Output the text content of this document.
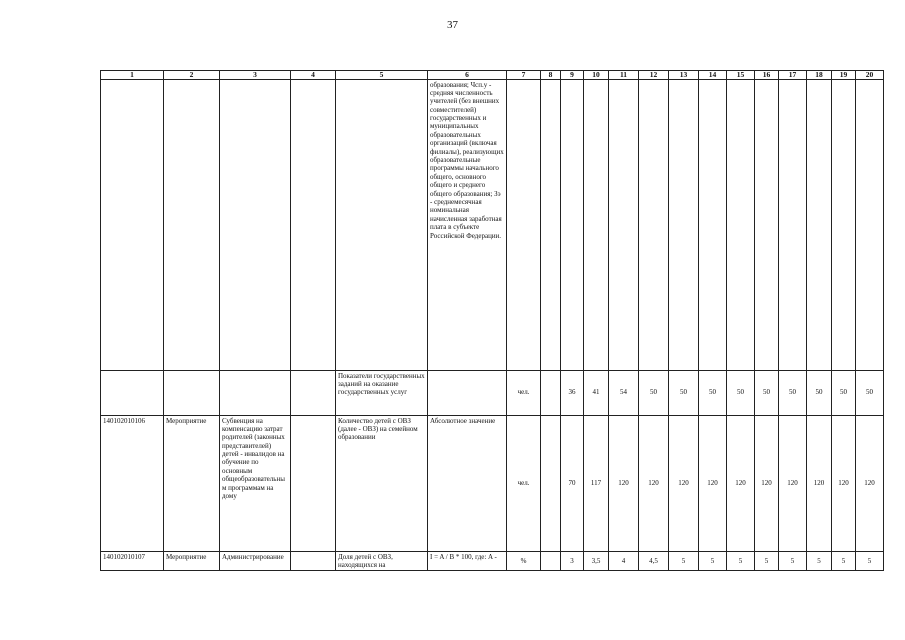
37
1	2	3	4	5	6	7	8	9	10	11	12	13	14	15	16	17	18	19	20
					образования; Чсп.у - средняя численность учителей (без внешних совместителей) государственных и муниципальных образовательных организаций (включая филиалы), реализующих образовательные программы начального общего, основного общего и среднего общего образования; Зэ - среднемесячная номинальная начисленная заработная плата в субъекте Российской Федерации.														
				Показатели государственных заданий на оказание государственных услуг		чел.		36	41	54	50	50	50	50	50	50	50	50	50
140102010106	Мероприятие	Субвенция на компенсацию затрат родителей (законных представителей) детей - инвалидов на обучение по основным общеобразовательным программам на дому		Количество детей с ОВЗ (далее - ОВЗ) на семейном образовании	Абсолютное значение	чел.		70	117	120	120	120	120	120	120	120	120	120	120
140102010107	Мероприятие	Администрирование		Доля детей с ОВЗ, находящихся на	I = A / B * 100, где: A -	%		3	3,5	4	4,5	5	5	5	5	5	5	5	5
